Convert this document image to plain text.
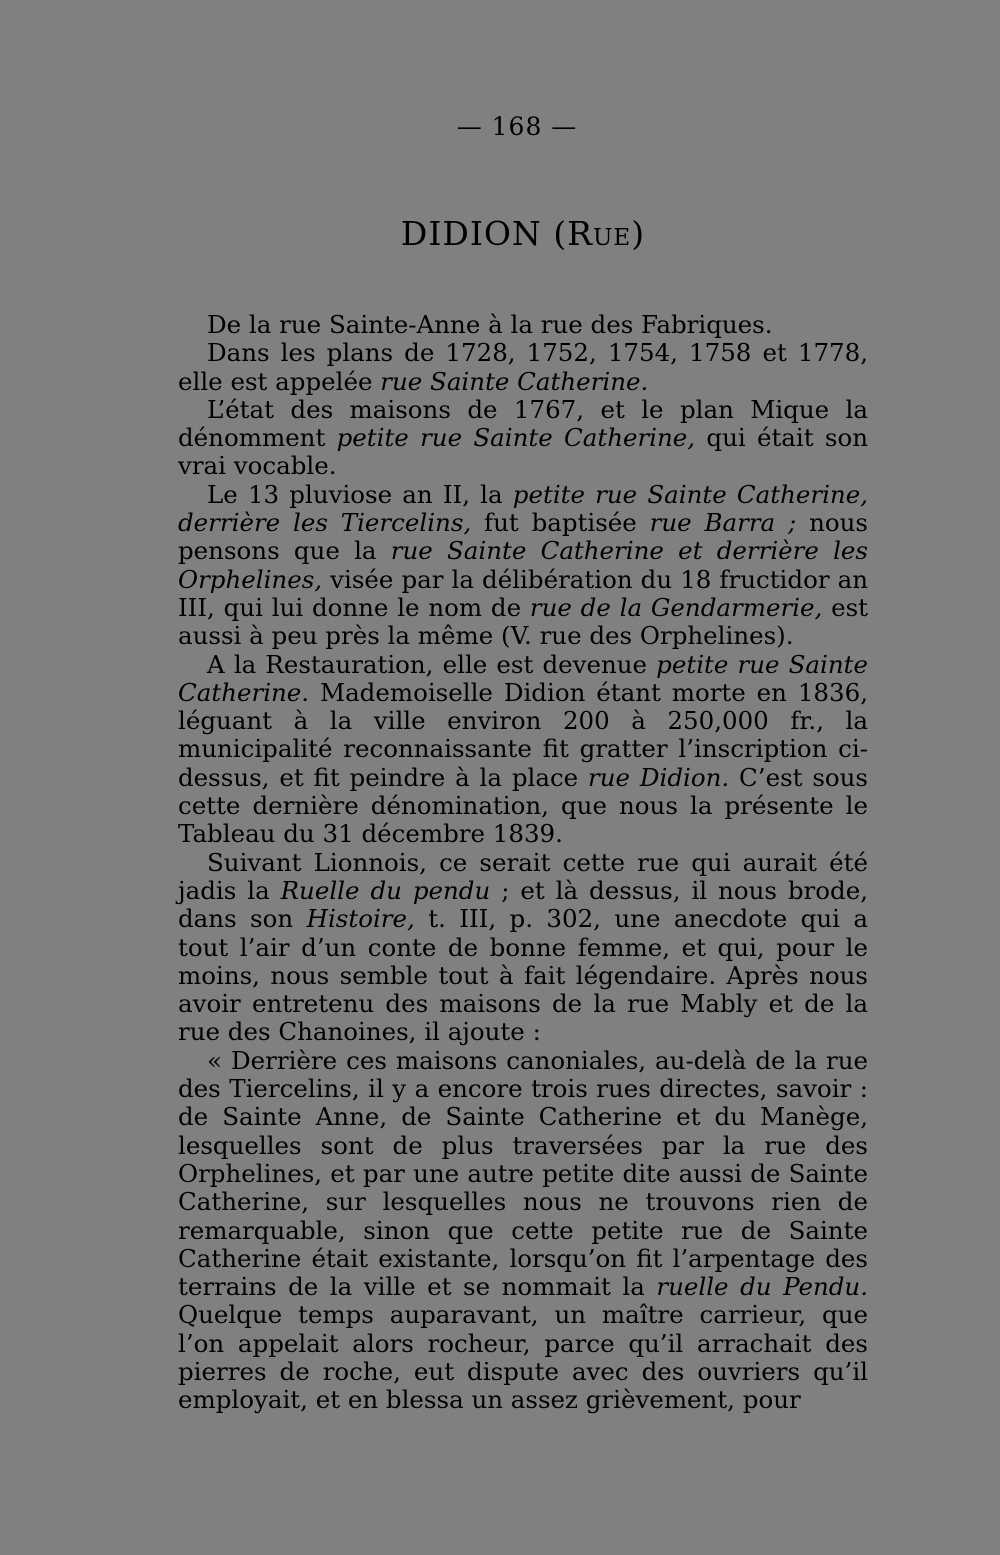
— 168 —
DIDION (Rue)

De la rue Sainte-Anne à la rue des Fabriques.

Dans les plans de 1728, 1752, 1754, 1758 et 1778, elle est appelée rue Sainte Catherine.

L’état des maisons de 1767, et le plan Mique la dénomment petite rue Sainte Catherine, qui était son vrai vocable.

Le 13 pluviose an II, la petite rue Sainte Catherine, derrière les Tiercelins, fut baptisée rue Barra ; nous pensons que la rue Sainte Catherine et derrière les Orphelines, visée par la délibération du 18 fructidor an III, qui lui donne le nom de rue de la Gendarmerie, est aussi à peu près la même (V. rue des Orphelines).

A la Restauration, elle est devenue petite rue Sainte Catherine. Mademoiselle Didion étant morte en 1836, léguant à la ville environ 200 à 250,000 fr., la municipalité reconnaissante fit gratter l’inscription ci-dessus, et fit peindre à la place rue Didion. C’est sous cette dernière dénomination, que nous la présente le Tableau du 31 décembre 1839.

Suivant Lionnois, ce serait cette rue qui aurait été jadis la Ruelle du pendu ; et là dessus, il nous brode, dans son Histoire, t. III, p. 302, une anecdote qui a tout l’air d’un conte de bonne femme, et qui, pour le moins, nous semble tout à fait légendaire. Après nous avoir entretenu des maisons de la rue Mably et de la rue des Chanoines, il ajoute :

« Derrière ces maisons canoniales, au-delà de la rue des Tiercelins, il y a encore trois rues directes, savoir : de Sainte Anne, de Sainte Catherine et du Manège, lesquelles sont de plus traversées par la rue des Orphelines, et par une autre petite dite aussi de Sainte Catherine, sur lesquelles nous ne trouvons rien de remarquable, sinon que cette petite rue de Sainte Catherine était existante, lorsqu’on fit l’arpentage des terrains de la ville et se nommait la ruelle du Pendu. Quelque temps auparavant, un maître carrieur, que l’on appelait alors rocheur, parce qu’il arrachait des pierres de roche, eut dispute avec des ouvriers qu’il employait, et en blessa un assez grièvement, pour
